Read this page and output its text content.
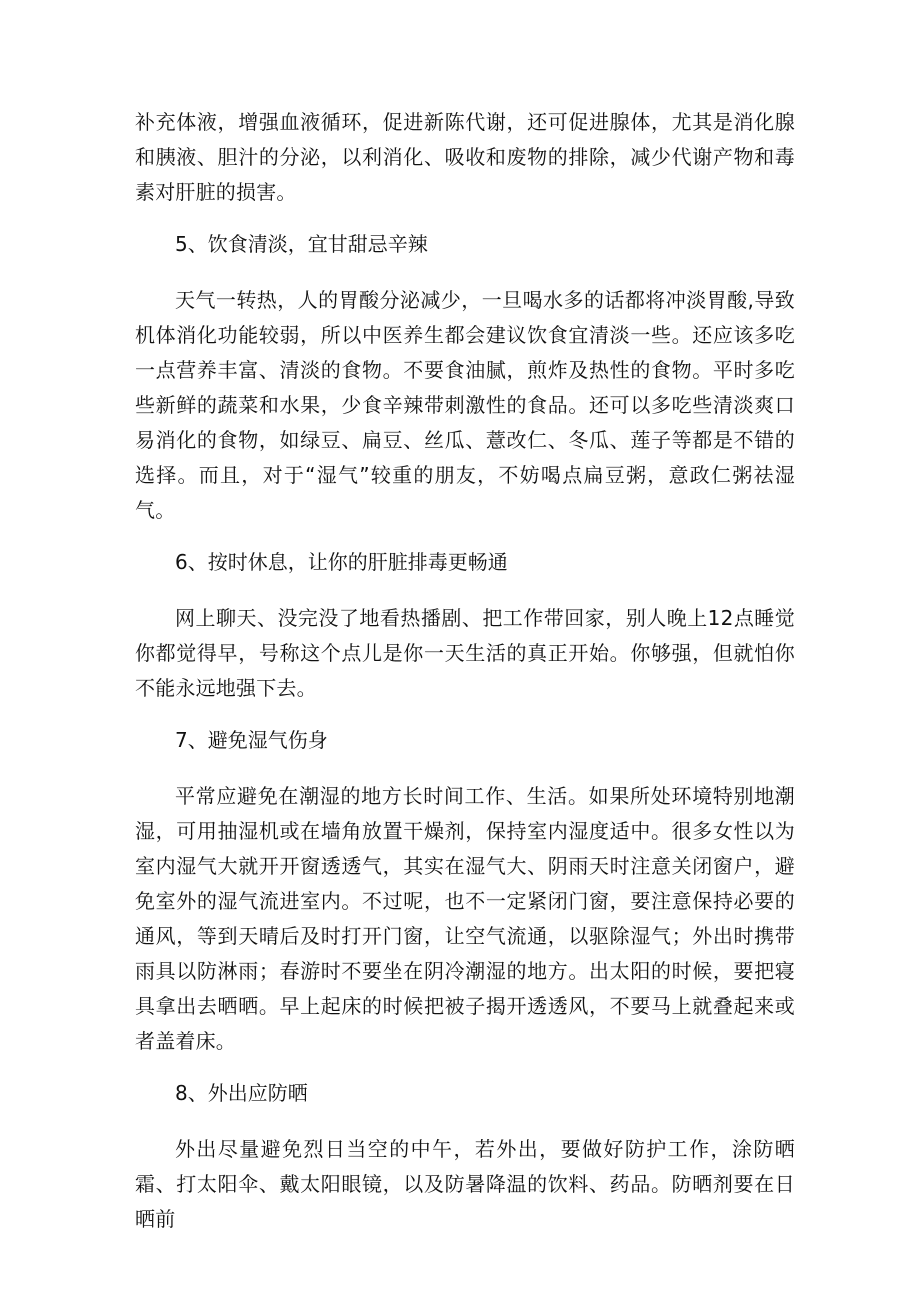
补充体液，增强血液循环，促进新陈代谢，还可促进腺体，尤其是消化腺和胰液、胆汁的分泌，以利消化、吸收和废物的排除，减少代谢产物和毒素对肝脏的损害。

5、饮食清淡，宜甘甜忌辛辣

天气一转热，人的胃酸分泌减少，一旦喝水多的话都将冲淡胃酸,导致机体消化功能较弱，所以中医养生都会建议饮食宜清淡一些。还应该多吃一点营养丰富、清淡的食物。不要食油腻，煎炸及热性的食物。平时多吃些新鲜的蔬菜和水果，少食辛辣带刺激性的食品。还可以多吃些清淡爽口易消化的食物，如绿豆、扁豆、丝瓜、薏改仁、冬瓜、莲子等都是不错的选择。而且，对于“湿气”较重的朋友，不妨喝点扁豆粥，意政仁粥祛湿气。

6、按时休息，让你的肝脏排毒更畅通

网上聊天、没完没了地看热播剧、把工作带回家，别人晚上12点睡觉你都觉得早，号称这个点儿是你一天生活的真正开始。你够强，但就怕你不能永远地强下去。

7、避免湿气伤身

平常应避免在潮湿的地方长时间工作、生活。如果所处环境特别地潮湿，可用抽湿机或在墙角放置干燥剂，保持室内湿度适中。很多女性以为室内湿气大就开开窗透透气，其实在湿气大、阴雨天时注意关闭窗户，避免室外的湿气流进室内。不过呢，也不一定紧闭门窗，要注意保持必要的通风，等到天晴后及时打开门窗，让空气流通，以驱除湿气；外出时携带雨具以防淋雨；春游时不要坐在阴冷潮湿的地方。出太阳的时候，要把寝具拿出去晒晒。早上起床的时候把被子揭开透透风，不要马上就叠起来或者盖着床。

8、外出应防晒

外出尽量避免烈日当空的中午，若外出，要做好防护工作，涂防晒霜、打太阳伞、戴太阳眼镜，以及防暑降温的饮料、药品。防晒剂要在日晒前
